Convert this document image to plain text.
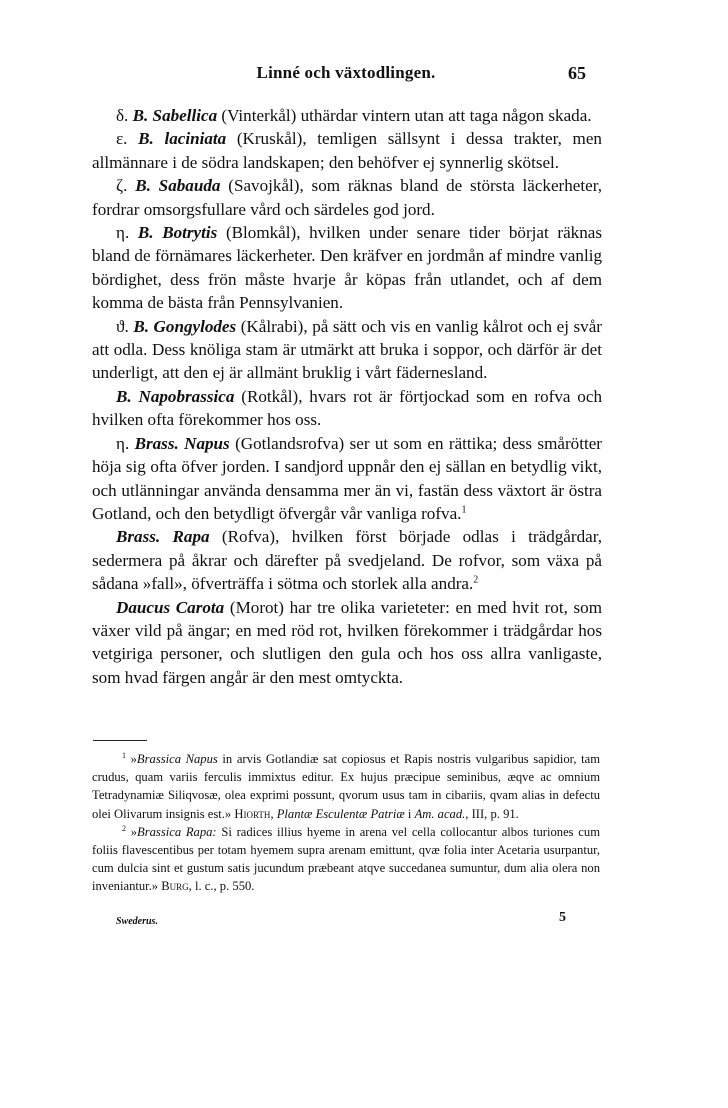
Linné och växtodlingen.	65

δ. B. Sabellica (Vinterkål) uthärdar vintern utan att taga någon skada.

ε. B. laciniata (Kruskål), temligen sällsynt i dessa trakter, men allmännare i de södra landskapen; den behöfver ej synnerlig skötsel.

ζ. B. Sabauda (Savojkål), som räknas bland de största läckerheter, fordrar omsorgsfullare vård och särdeles god jord.

η. B. Botrytis (Blomkål), hvilken under senare tider börjat räknas bland de förnämares läckerheter. Den kräfver en jordmån af mindre vanlig bördighet, dess frön måste hvarje år köpas från utlandet, och af dem komma de bästa från Pennsylvanien.

ϑ. B. Gongylodes (Kålrabi), på sätt och vis en vanlig kålrot och ej svår att odla. Dess knöliga stam är utmärkt att bruka i soppor, och därför är det underligt, att den ej är allmänt bruklig i vårt fädernesland.

B. Napobrassica (Rotkål), hvars rot är förtjockad som en rofva och hvilken ofta förekommer hos oss.

η. Brass. Napus (Gotlandsrofva) ser ut som en rättika; dess småröttеr höja sig ofta öfver jorden. I sandjord uppnår den ej sällan en betydlig vikt, och utlänningar använda densamma mer än vi, fastän dess växtort är östra Gotland, och den betydligt öfvergår vår vanliga rofva.$^1$

Brass. Rapa (Rofva), hvilken först började odlas i trädgårdar, sedermera på åkrar och därefter på svedjeland. De rofvor, som växa på sådana »fall», öfverträffa i sötma och storlek alla andra.$^2$

Daucus Carota (Morot) har tre olika varieteter: en med hvit rot, som växer vild på ängar; en med röd rot, hvilken förekommer i trädgårdar hos vetgiriga personer, och slutligen den gula och hos oss allra vanligaste, som hvad färgen angår är den mest omtyckta.

$^1$ »Brassica Napus in arvis Gotlandiæ sat copiosus et Rapis nostris vulgaribus sapidior, tam crudus, quam variis ferculis immixtus editur. Ex hujus præcipue seminibus, æqve ac omnium Tetradynamiæ Siliqvosæ, olea exprimi possunt, qvorum usus tam in cibariis, qvam alias in defectu olei Olivarum insignis est.» Hiorth, Plantæ Esculentæ Patriæ i Am. acad., III, p. 91.

$^2$ »Brassica Rapa: Si radices illius hyeme in arena vel cella collocantur albos turiones cum foliis flavescentibus per totam hyemem supra arenam emittunt, qvæ folia inter Acetaria usurpantur, cum dulcia sint et gustum satis jucundum præbeant atqve succedanea sumuntur, dum alia olera non inveniantur.» Burg, l. c., p. 550.

Swederus.	5
